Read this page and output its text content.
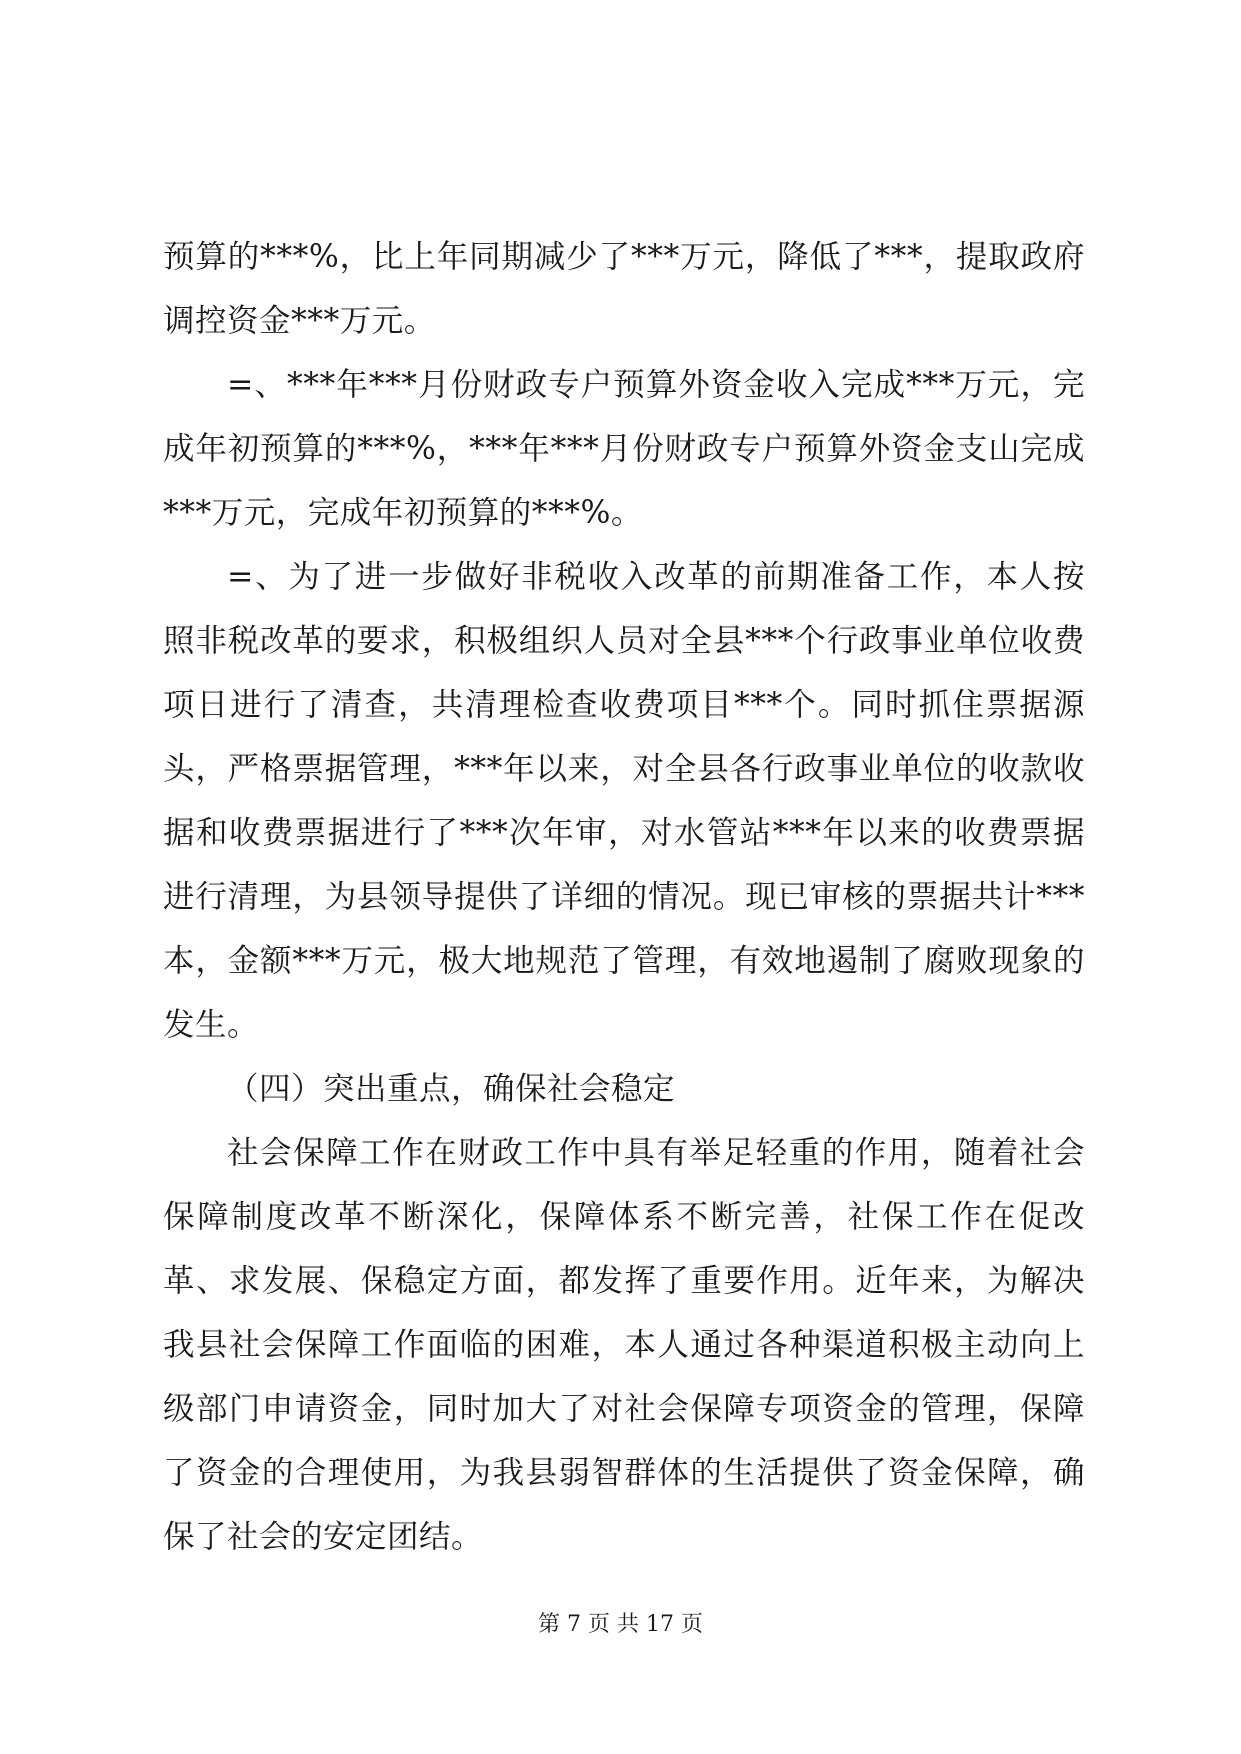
预算的***%，比上年同期减少了***万元，降低了***，提取政府调控资金***万元。

=、***年***月份财政专户预算外资金收入完成***万元，完成年初预算的***%，***年***月份财政专户预算外资金支山完成***万元，完成年初预算的***%。

=、为了进一步做好非税收入改革的前期准备工作，本人按照非税改革的要求，积极组织人员对全县***个行政事业单位收费项日进行了清查，共清理检查收费项目***个。同时抓住票据源头，严格票据管理，***年以来，对全县各行政事业单位的收款收据和收费票据进行了***次年审，对水管站***年以来的收费票据进行清理，为县领导提供了详细的情况。现已审核的票据共计***本，金额***万元，极大地规范了管理，有效地遏制了腐败现象的发生。

（四）突出重点，确保社会稳定

社会保障工作在财政工作中具有举足轻重的作用，随着社会保障制度改革不断深化，保障体系不断完善，社保工作在促改革、求发展、保稳定方面，都发挥了重要作用。近年来，为解决我县社会保障工作面临的困难，本人通过各种渠道积极主动向上级部门申请资金，同时加大了对社会保障专项资金的管理，保障了资金的合理使用，为我县弱智群体的生活提供了资金保障，确保了社会的安定团结。

第 7 页 共 17 页
